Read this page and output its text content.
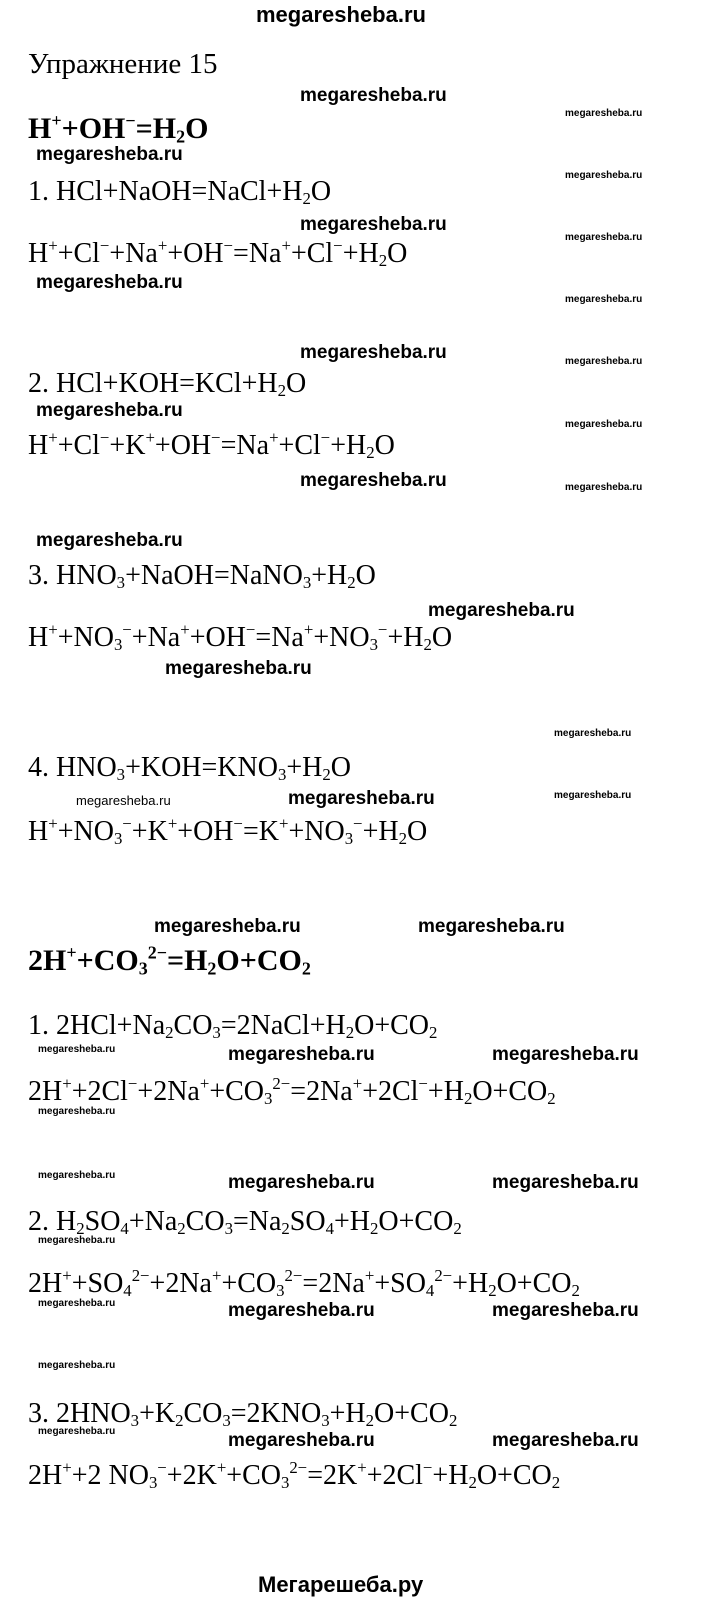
megaresheba.ru
Упражнение 15
$H^++OH^-=H_2O$
1. $HCl+NaOH=NaCl+H_2O$
$H^++Cl^-+Na^++OH^-=Na^++Cl^-+H_2O$
2. $HCl+KOH=KCl+H_2O$
$H^++Cl^-+K^++OH^-=Na^++Cl^-+H_2O$
3. $HNO_3+NaOH=NaNO_3+H_2O$
$H^++NO_3^-+Na^++OH^-=Na^++NO_3^-+H_2O$
4. $HNO_3+KOH=KNO_3+H_2O$
$H^++NO_3^-+K^++OH^-=K^++NO_3^-+H_2O$
$2H^++CO_3^{2-}=H_2O+CO_2$
1. $2HCl+Na_2CO_3=2NaCl+H_2O+CO_2$
$2H^++2Cl^-+2Na^++CO_3^{2-}=2Na^++2Cl^-+H_2O+CO_2$
2. $H_2SO_4+Na_2CO_3=Na_2SO_4+H_2O+CO_2$
$2H^++SO_4^{2-}+2Na^++CO_3^{2-}=2Na^++SO_4^{2-}+H_2O+CO_2$
3. $2HNO_3+K_2CO_3=2KNO_3+H_2O+CO_2$
2H++2 $NO_3^-+2K^++CO_3^{2-}=2K^++2Cl^-+H_2O+CO_2$
megaresheba.ru
megaresheba.ru
megaresheba.ru
megaresheba.ru
megaresheba.ru
megaresheba.ru
megaresheba.ru
megaresheba.ru
megaresheba.ru	megaresheba.ru
megaresheba.ru
megaresheba.ru
megaresheba.ru	megaresheba.ru
megaresheba.ru
megaresheba.ru
megaresheba.ru
megaresheba.ru
megaresheba.ru	megaresheba.ru	megaresheba.ru
megaresheba.ru	megaresheba.ru
megaresheba.ru	megaresheba.ru	megaresheba.ru
megaresheba.ru
megaresheba.ru	megaresheba.ru	megaresheba.ru
megaresheba.ru
megaresheba.ru	megaresheba.ru	megaresheba.ru
megaresheba.ru
megaresheba.ru	megaresheba.ru	megaresheba.ru
Мегарешеба.ру
